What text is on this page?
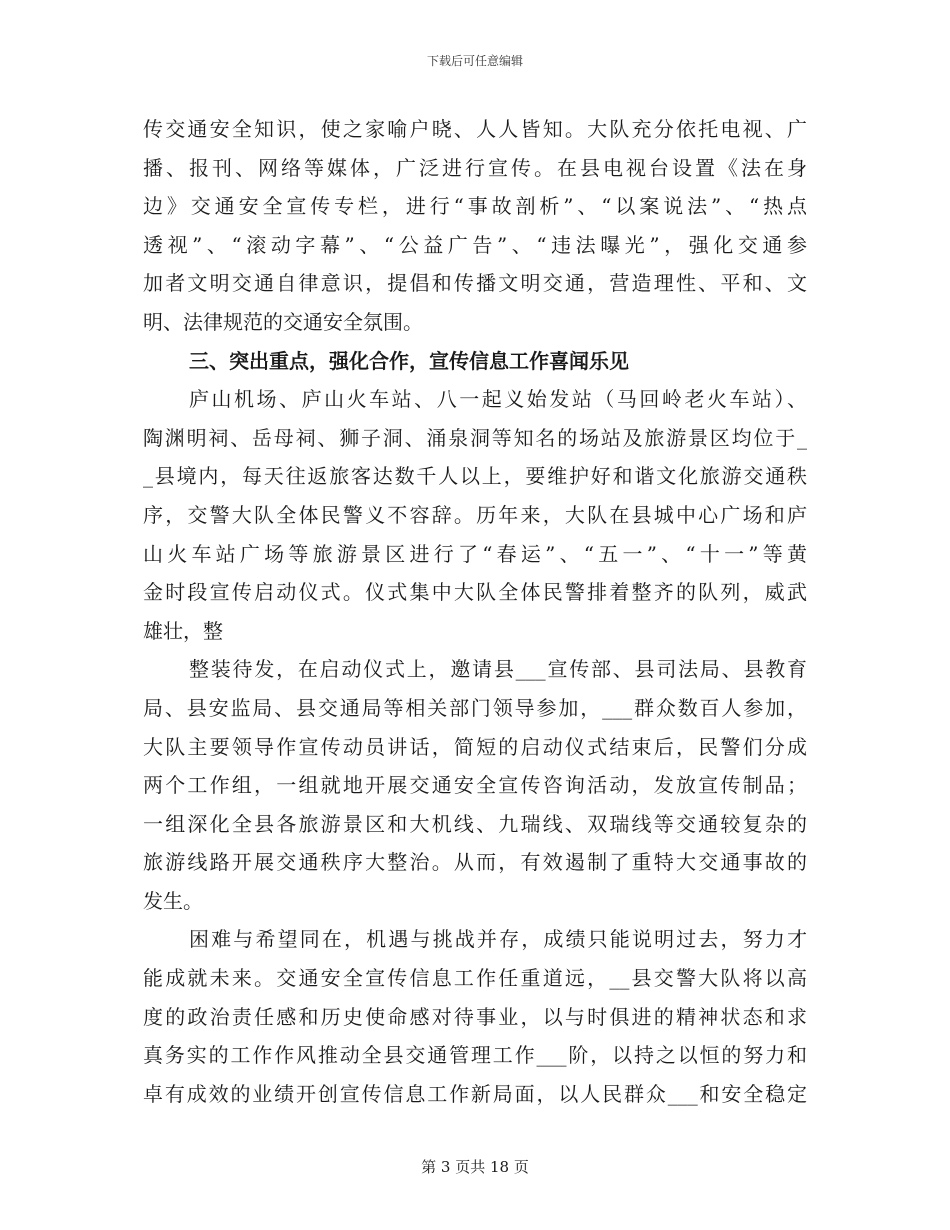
下载后可任意编辑
传交通安全知识，使之家喻户晓、人人皆知。大队充分依托电视、广
播、报刊、网络等媒体，广泛进行宣传。在县电视台设置《法在身
边》交通安全宣传专栏，进行“事故剖析”、“以案说法”、“热点
透视”、“滚动字幕”、“公益广告”、“违法曝光”，强化交通参
加者文明交通自律意识，提倡和传播文明交通，营造理性、平和、文
明、法律规范的交通安全氛围。
三、突出重点，强化合作，宣传信息工作喜闻乐见
庐山机场、庐山火车站、八一起义始发站（马回岭老火车站）、
陶渊明祠、岳母祠、狮子洞、涌泉洞等知名的场站及旅游景区均位于_
_县境内，每天往返旅客达数千人以上，要维护好和谐文化旅游交通秩
序，交警大队全体民警义不容辞。历年来，大队在县城中心广场和庐
山火车站广场等旅游景区进行了“春运”、“五一”、“十一”等黄
金时段宣传启动仪式。仪式集中大队全体民警排着整齐的队列，威武
雄壮，整
整装待发，在启动仪式上，邀请县___宣传部、县司法局、县教育
局、县安监局、县交通局等相关部门领导参加，___群众数百人参加，
大队主要领导作宣传动员讲话，简短的启动仪式结束后，民警们分成
两个工作组，一组就地开展交通安全宣传咨询活动，发放宣传制品；
一组深化全县各旅游景区和大机线、九瑞线、双瑞线等交通较复杂的
旅游线路开展交通秩序大整治。从而，有效遏制了重特大交通事故的
发生。
困难与希望同在，机遇与挑战并存，成绩只能说明过去，努力才
能成就未来。交通安全宣传信息工作任重道远，__县交警大队将以高
度的政治责任感和历史使命感对待事业，以与时俱进的精神状态和求
真务实的工作作风推动全县交通管理工作___阶，以持之以恒的努力和
卓有成效的业绩开创宣传信息工作新局面，以人民群众___和安全稳定
第 3 页共 18 页
